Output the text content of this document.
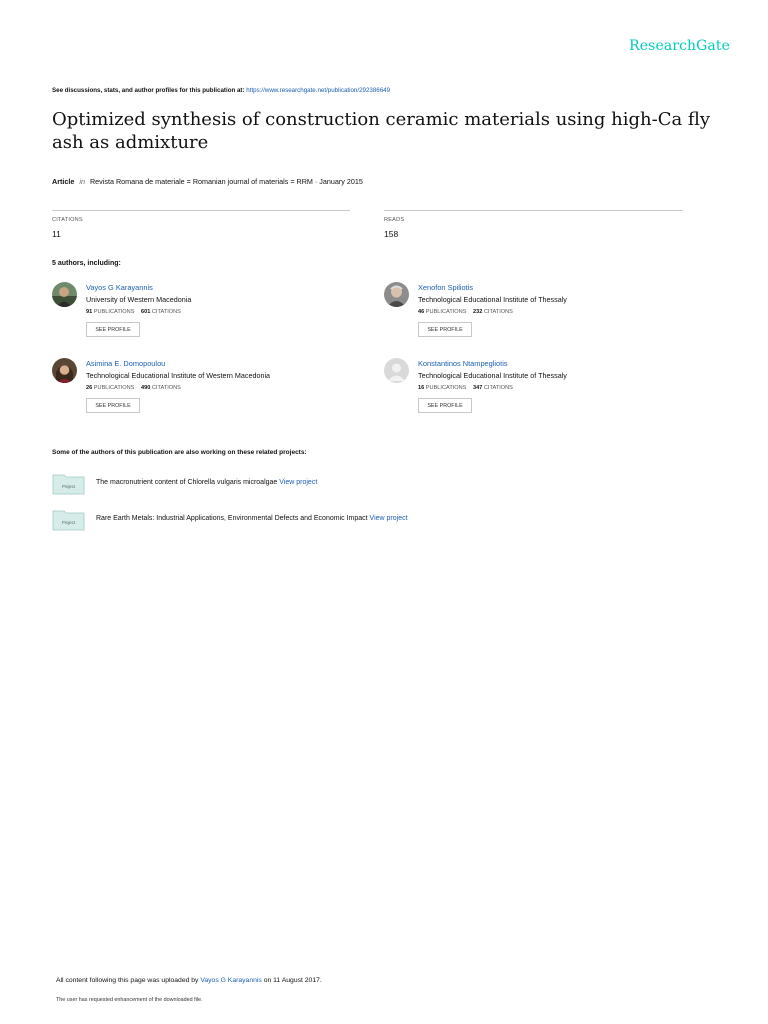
ResearchGate
See discussions, stats, and author profiles for this publication at: https://www.researchgate.net/publication/292386649
Optimized synthesis of construction ceramic materials using high-Ca fly ash as admixture
Article in Revista Romana de materiale = Romanian journal of materials = RRM · January 2015
CITATIONS
11
READS
158
5 authors, including:
Vayos G Karayannis
University of Western Macedonia
91 PUBLICATIONS 601 CITATIONS
SEE PROFILE
Xenofon Spiliotis
Technological Educational Institute of Thessaly
46 PUBLICATIONS 232 CITATIONS
SEE PROFILE
Asimina E. Domopoulou
Technological Educational Institute of Western Macedonia
26 PUBLICATIONS 490 CITATIONS
SEE PROFILE
Konstantinos Ntampegliotis
Technological Educational Institute of Thessaly
16 PUBLICATIONS 347 CITATIONS
SEE PROFILE
Some of the authors of this publication are also working on these related projects:
Project
The macronutrient content of Chlorella vulgaris microalgae View project
Project
Rare Earth Metals: Industrial Applications, Environmental Defects and Economic Impact View project
All content following this page was uploaded by Vayos G Karayannis on 11 August 2017.
The user has requested enhancement of the downloaded file.
